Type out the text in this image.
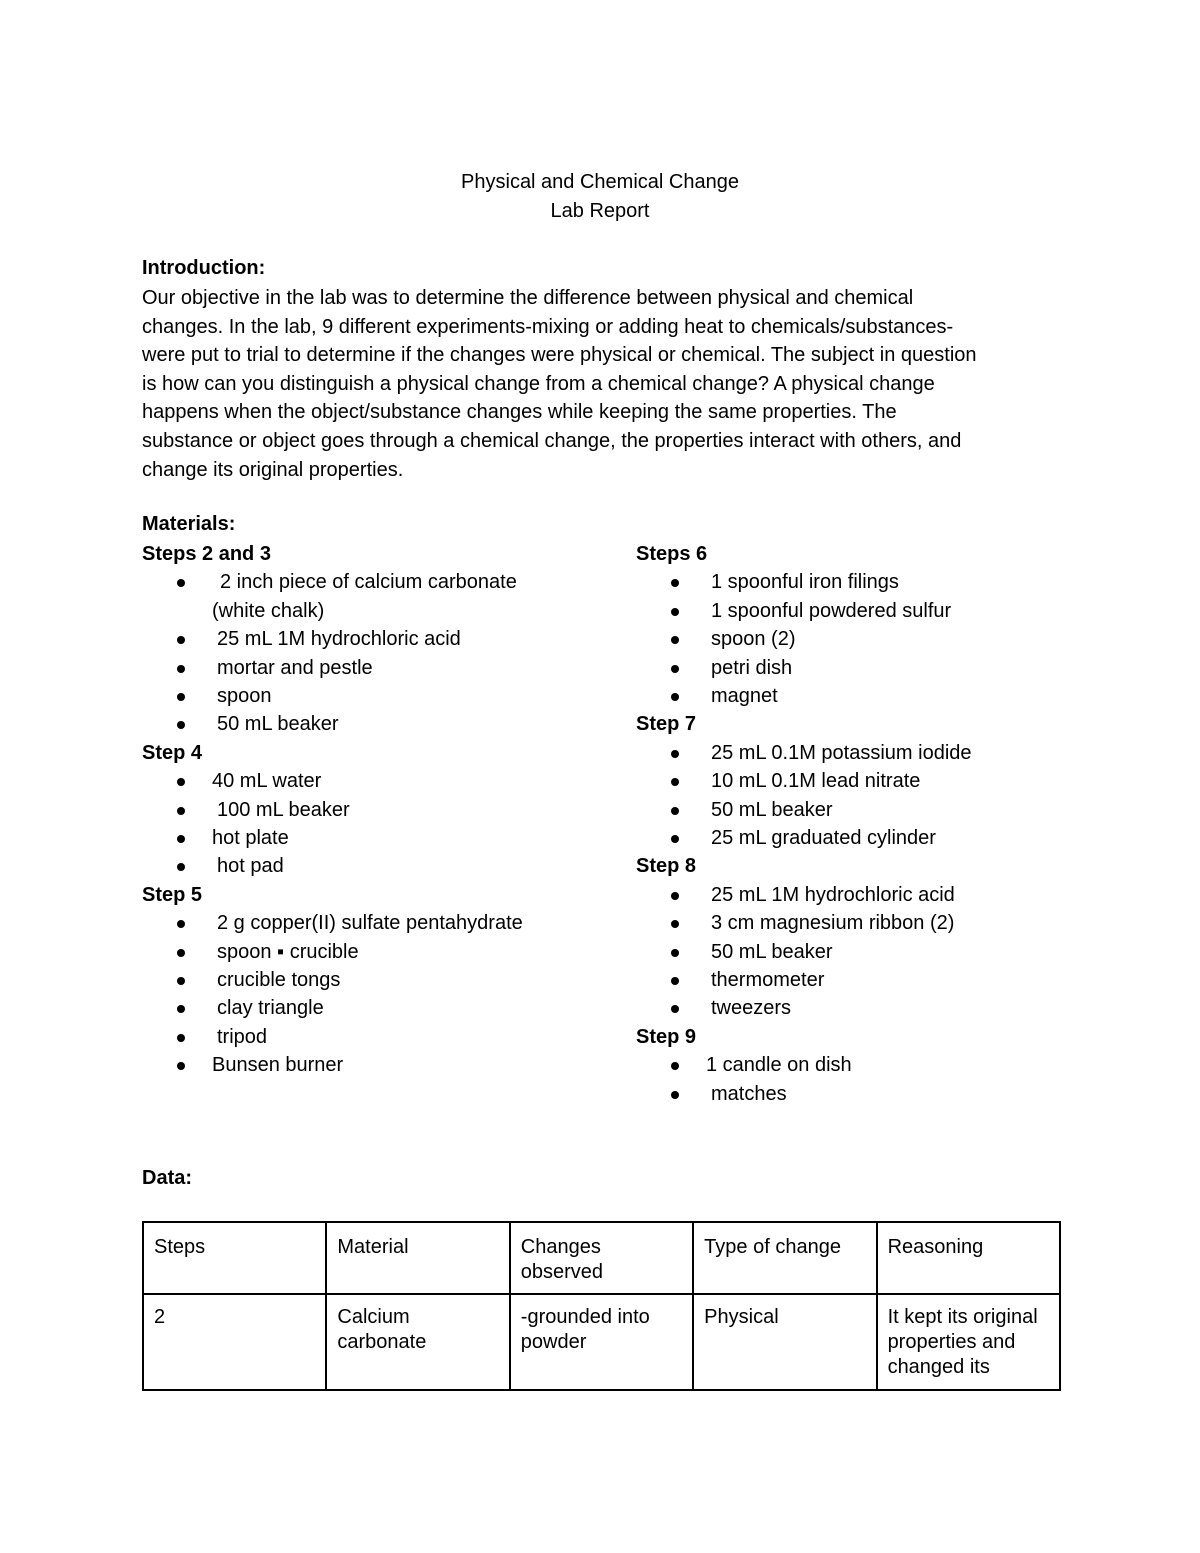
Physical and Chemical Change
Lab Report
Introduction:
Our objective in the lab was to determine the difference between physical and chemical
changes. In the lab, 9 different experiments-mixing or adding heat to chemicals/substances-
were put to trial to determine if the changes were physical or chemical. The subject in question
is how can you distinguish a physical change from a chemical change? A physical change
happens when the object/substance changes while keeping the same properties. The
substance or object goes through a chemical change, the properties interact with others, and
change its original properties.
Materials:
Steps 2 and 3
2 inch piece of calcium carbonate
(white chalk)
25 mL 1M hydrochloric acid
mortar and pestle
spoon
50 mL beaker
Step 4
40 mL water
100 mL beaker
hot plate
hot pad
Step 5
2 g copper(II) sulfate pentahydrate
spoon ▪ crucible
crucible tongs
clay triangle
tripod
Bunsen burner
Steps 6
1 spoonful iron filings
1 spoonful powdered sulfur
spoon (2)
petri dish
magnet
Step 7
25 mL 0.1M potassium iodide
10 mL 0.1M lead nitrate
50 mL beaker
25 mL graduated cylinder
Step 8
25 mL 1M hydrochloric acid
3 cm magnesium ribbon (2)
50 mL beaker
thermometer
tweezers
Step 9
1 candle on dish
matches
Data:
Steps	Material	Changes observed	Type of change	Reasoning
2	Calcium carbonate	-grounded into powder	Physical	It kept its original properties and changed its
